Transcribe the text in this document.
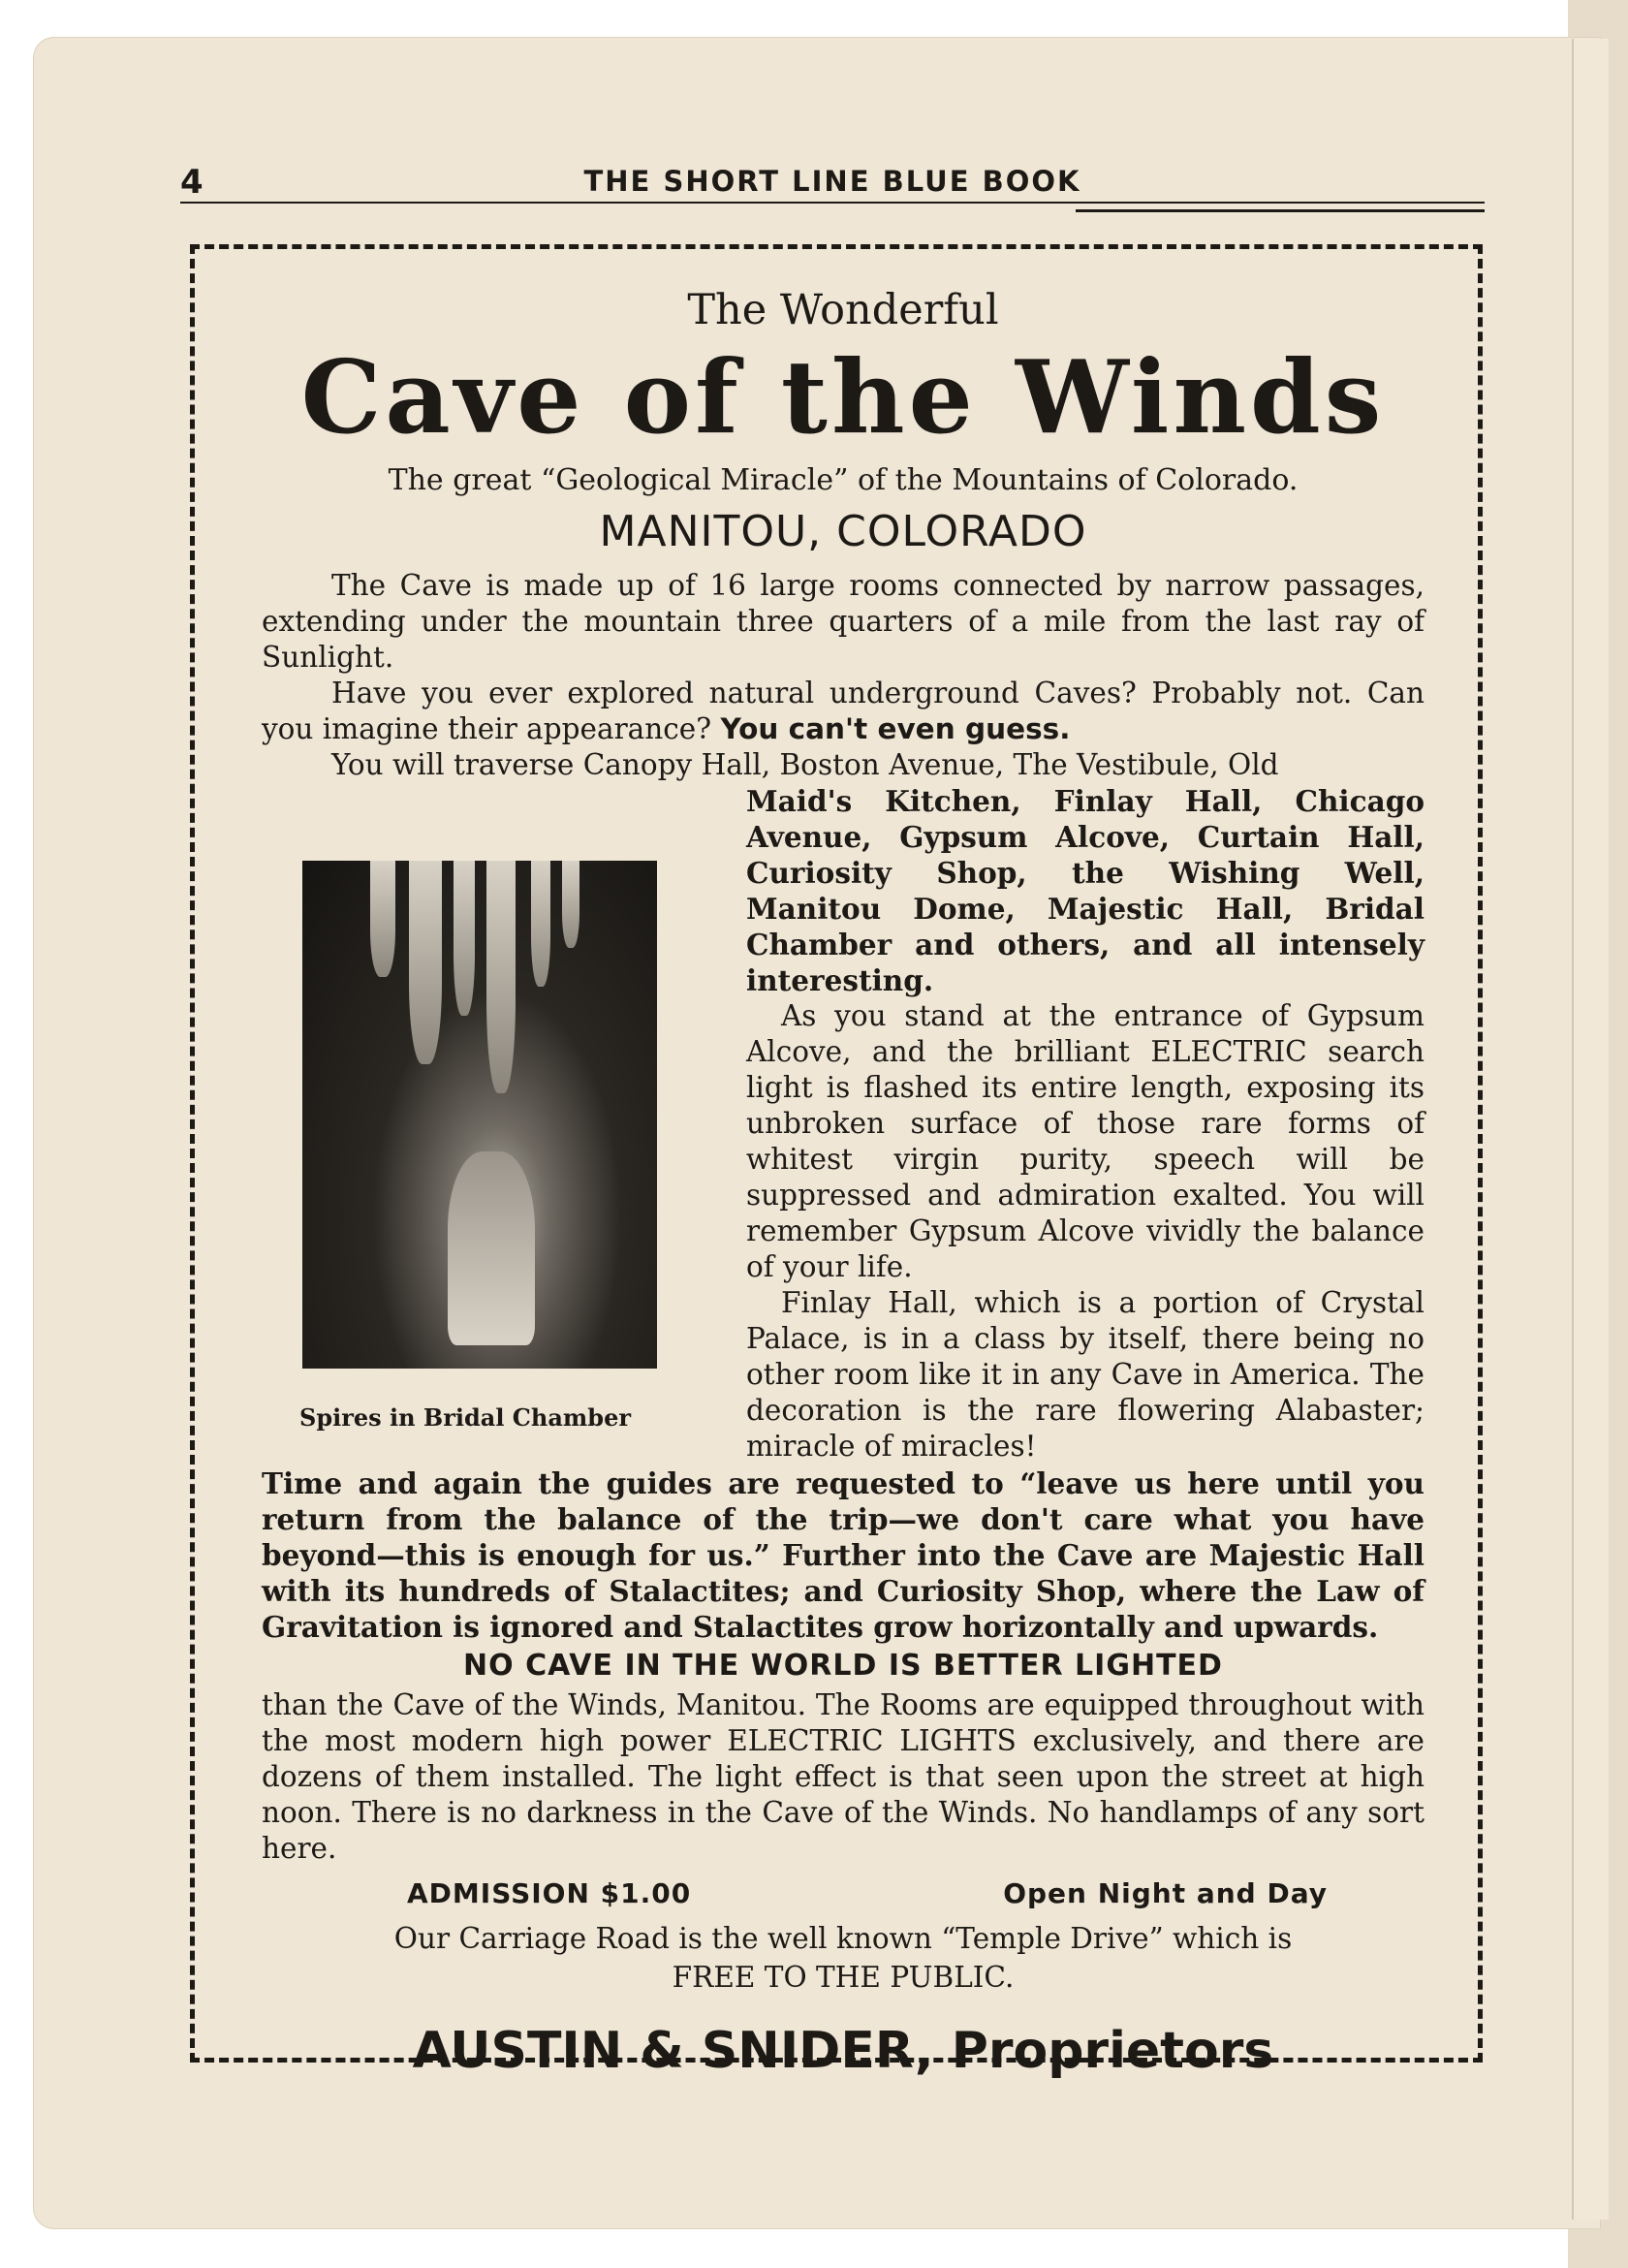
4	THE SHORT LINE BLUE BOOK

The Wonderful

Cave of the Winds

The great “Geological Miracle” of the Mountains of Colorado.

MANITOU, COLORADO

The Cave is made up of 16 large rooms connected by narrow passages, extending under the mountain three quarters of a mile from the last ray of Sunlight.

Have you ever explored natural underground Caves? Probably not. Can you imagine their appearance? You can't even guess.

You will traverse Canopy Hall, Boston Avenue, The Vestibule, Old

Spires in Bridal Chamber

Maid's Kitchen, Finlay Hall, Chicago Avenue, Gypsum Alcove, Curtain Hall, Curiosity Shop, the Wishing Well, Manitou Dome, Majestic Hall, Bridal Chamber and others, and all intensely interesting.

As you stand at the entrance of Gypsum Alcove, and the brilliant ELECTRIC search light is flashed its entire length, exposing its unbroken surface of those rare forms of whitest virgin purity, speech will be suppressed and admiration exalted. You will remember Gypsum Alcove vividly the balance of your life.

Finlay Hall, which is a portion of Crystal Palace, is in a class by itself, there being no other room like it in any Cave in America. The decoration is the rare flowering Alabaster; miracle of miracles!

Time and again the guides are requested to “leave us here until you return from the balance of the trip—we don't care what you have beyond—this is enough for us.” Further into the Cave are Majestic Hall with its hundreds of Stalactites; and Curiosity Shop, where the Law of Gravitation is ignored and Stalactites grow horizontally and upwards.

NO CAVE IN THE WORLD IS BETTER LIGHTED

than the Cave of the Winds, Manitou. The Rooms are equipped throughout with the most modern high power ELECTRIC LIGHTS exclusively, and there are dozens of them installed. The light effect is that seen upon the street at high noon. There is no darkness in the Cave of the Winds. No handlamps of any sort here.

ADMISSION $1.00	Open Night and Day

Our Carriage Road is the well known “Temple Drive” which is

FREE TO THE PUBLIC.

AUSTIN & SNIDER, Proprietors
